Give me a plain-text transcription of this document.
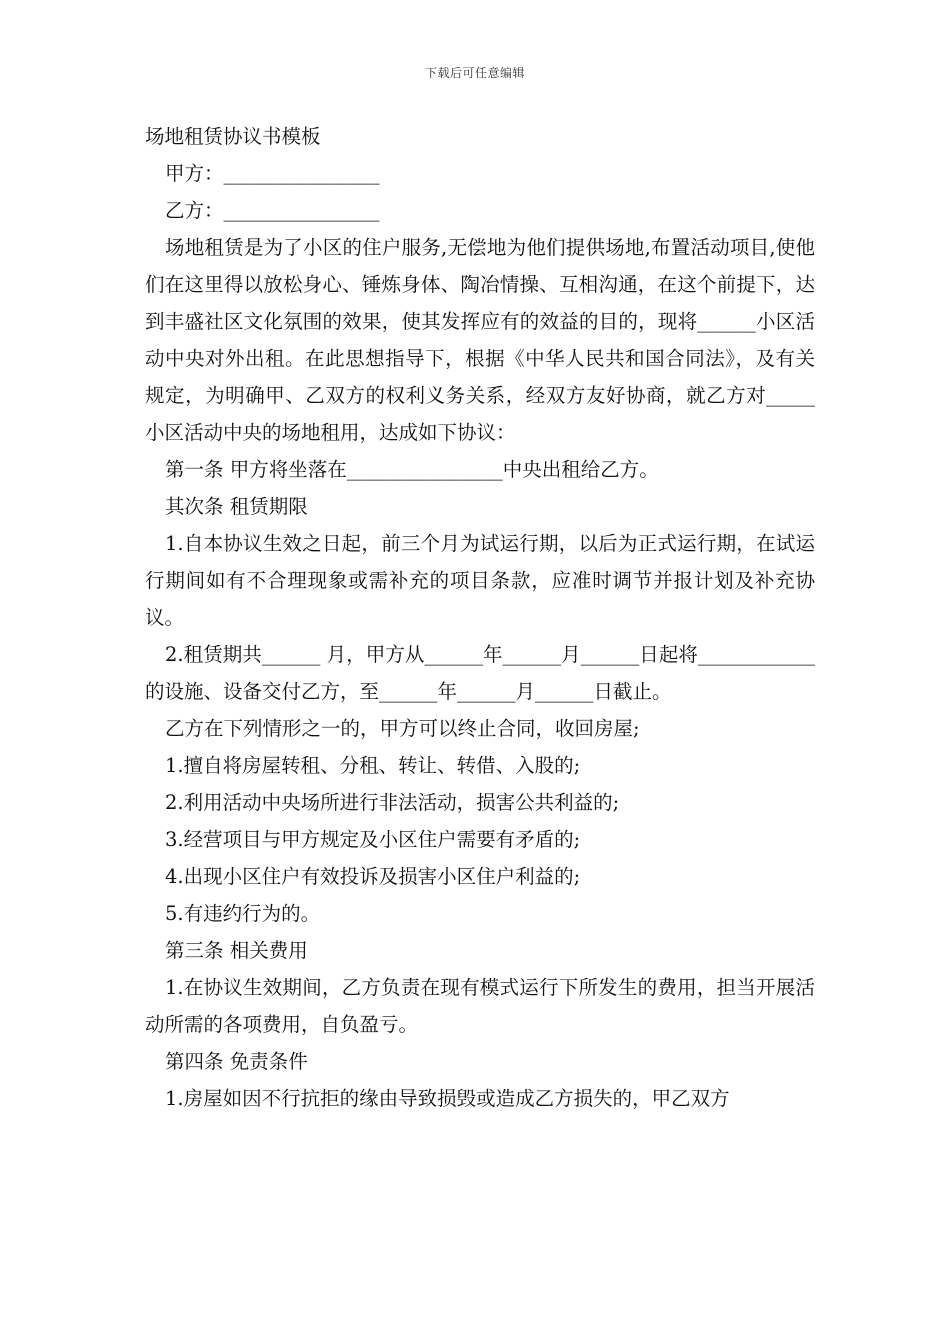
下载后可任意编辑

场地租赁协议书模板

甲方：________________

乙方：________________

场地租赁是为了小区的住户服务,无偿地为他们提供场地,布置活动项目,使他们在这里得以放松身心、锤炼身体、陶冶情操、互相沟通，在这个前提下，达到丰盛社区文化氛围的效果，使其发挥应有的效益的目的，现将______小区活动中央对外出租。在此思想指导下，根据《中华人民共和国合同法》，及有关规定，为明确甲、乙双方的权利义务关系，经双方友好协商，就乙方对_____小区活动中央的场地租用，达成如下协议：

第一条 甲方将坐落在________________中央出租给乙方。

其次条 租赁期限

1.自本协议生效之日起，前三个月为试运行期，以后为正式运行期，在试运行期间如有不合理现象或需补充的项目条款，应准时调节并报计划及补充协议。

2.租赁期共______ 月，甲方从______年______月______日起将____________的设施、设备交付乙方，至______年______月______日截止。

乙方在下列情形之一的，甲方可以终止合同，收回房屋;

1.擅自将房屋转租、分租、转让、转借、入股的;

2.利用活动中央场所进行非法活动，损害公共利益的;

3.经营项目与甲方规定及小区住户需要有矛盾的;

4.出现小区住户有效投诉及损害小区住户利益的;

5.有违约行为的。

第三条 相关费用

1.在协议生效期间，乙方负责在现有模式运行下所发生的费用，担当开展活动所需的各项费用，自负盈亏。

第四条 免责条件

1.房屋如因不行抗拒的缘由导致损毁或造成乙方损失的，甲乙双方
